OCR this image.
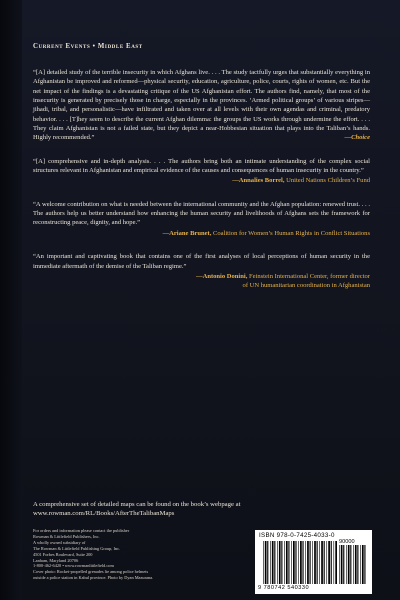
Current Events • Middle East
“[A] detailed study of the terrible insecurity in which Afghans live. . . . The study tactfully urges that substantially everything in Afghanistan be improved and reformed—physical security, education, agriculture, police, courts, rights of women, etc. But the net impact of the findings is a devastating critique of the US Afghanistan effort. The authors find, namely, that most of the insecurity is generated by precisely those in charge, especially in the provinces. ‘Armed political groups’ of various stripes—jihadi, tribal, and personalistic—have infiltrated and taken over at all levels with their own agendas and criminal, predatory behavior. . . . [T]hey seem to describe the current Afghan dilemma: the groups the US works through undermine the effort. . . . They claim Afghanistan is not a failed state, but they depict a near-Hobbesian situation that plays into the Taliban’s hands. Highly recommended.”	—Choice
“[A] comprehensive and in-depth analysis. . . . The authors bring both an intimate understanding of the complex social structures relevant in Afghanistan and empirical evidence of the causes and consequences of human insecurity in the country.”
—Annalies Borrel, United Nations Children’s Fund
“A welcome contribution on what is needed between the international community and the Afghan population: renewed trust. . . . The authors help us better understand how enhancing the human security and livelihoods of Afghans sets the framework for reconstructing peace, dignity, and hope.”
—Ariane Brunet, Coalition for Women’s Human Rights in Conflict Situations
“An important and captivating book that contains one of the first analyses of local perceptions of human security in the immediate aftermath of the demise of the Taliban regime.”
—Antonio Donini, Feinstein International Center, former director
of UN humanitarian coordination in Afghanistan
A comprehensive set of detailed maps can be found on the book’s webpage at
www.rowman.com/RL/Books/AfterTheTalibanMaps
For orders and information please contact the publisher
Rowman & Littlefield Publishers, Inc.
A wholly owned subsidiary of
The Rowman & Littlefield Publishing Group, Inc.
4501 Forbes Boulevard, Suite 200
Lanham, Maryland 20706
1-800-462-6420 • www.rowmanlittlefield.com
Cover photo: Rocket-propelled grenades lie among police helmets
outside a police station in Kabul province. Photo by Dyan Mazurana.
ISBN 978-0-7425-4033-0
90000
9 780742 540330
